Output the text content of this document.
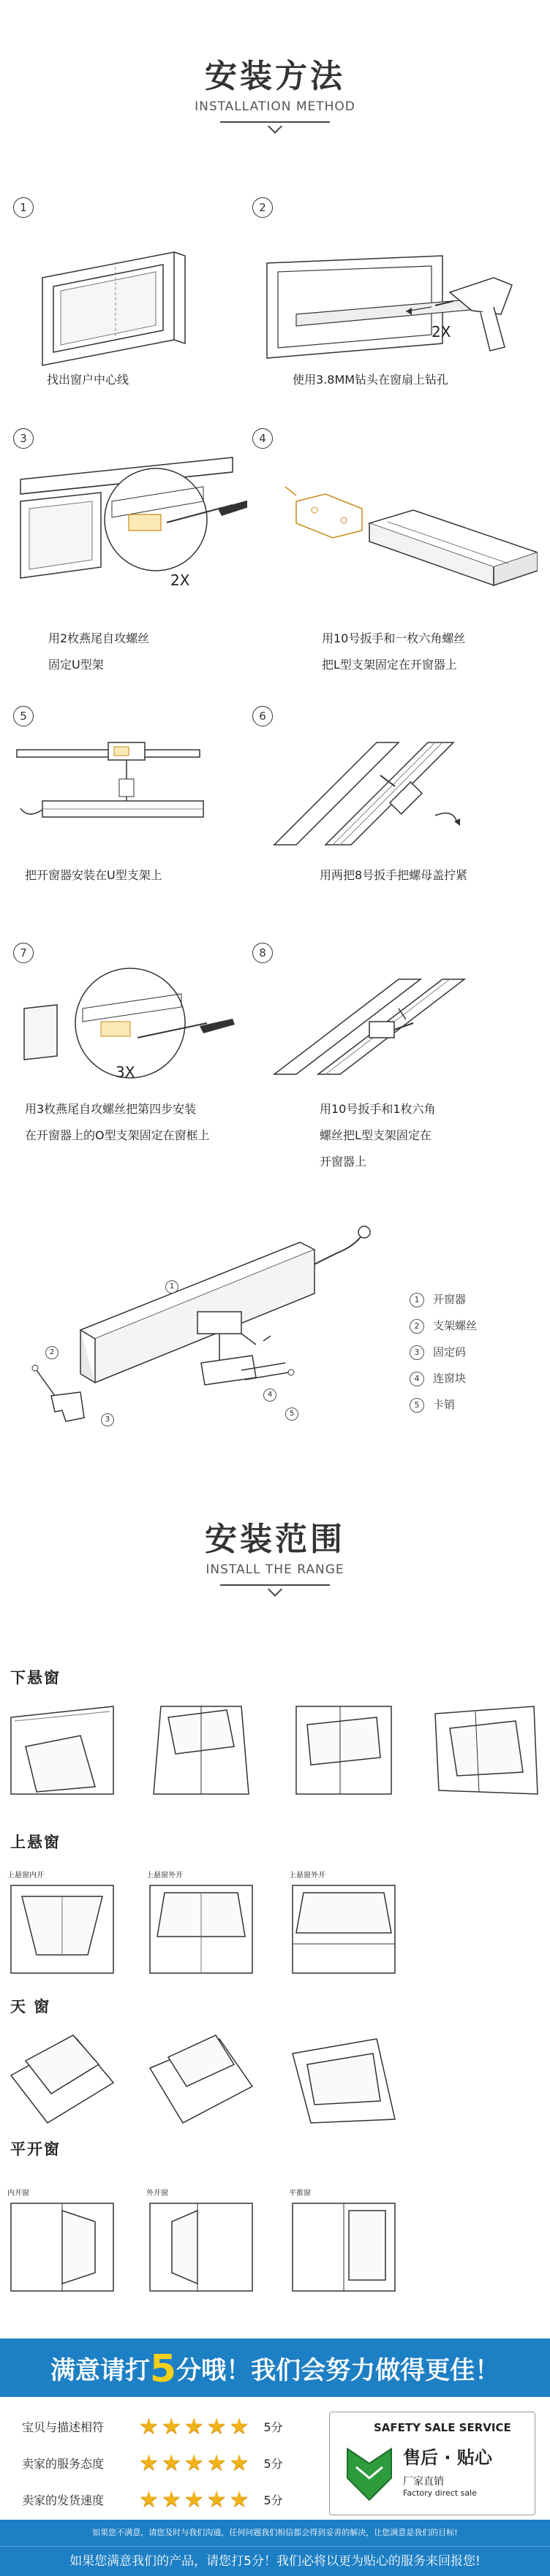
安装方法
INSTALLATION METHOD
1
找出窗户中心线
2
2X
使用3.8MM钻头在窗扇上钻孔
3
2X
用2枚燕尾自攻螺丝
固定U型架
4
用10号扳手和一枚六角螺丝
把L型支架固定在开窗器上
5
把开窗器安装在U型支架上
6
用两把8号扳手把螺母盖拧紧
7
3X
用3枚燕尾自攻螺丝把第四步安装
在开窗器上的O型支架固定在窗框上
8
用10号扳手和1枚六角
螺丝把L型支架固定在
开窗器上
1
2
3
4
5
1 开窗器
2 支架螺丝
3 固定码
4 连窗块
5 卡销
安装范围
INSTALL THE RANGE
下悬窗
上悬窗
上悬窗内开	上悬窗外开	上悬窗外开
天 窗
平开窗
内开窗	外开窗	平推窗
满意请打5分哦！我们会努力做得更佳！
宝贝与描述相符	★★★★★ 5分
卖家的服务态度	★★★★★ 5分
卖家的发货速度	★★★★★ 5分
SAFETY SALE SERVICE
售后 · 贴心
厂家直销
Factory direct sale
如果您不满意，请您及时与我们沟通，任何问题我们相信都会得到妥善的解决，让您满意是我们的目标!
如果您满意我们的产品，请您打5分！我们必将以更为贴心的服务来回报您!
